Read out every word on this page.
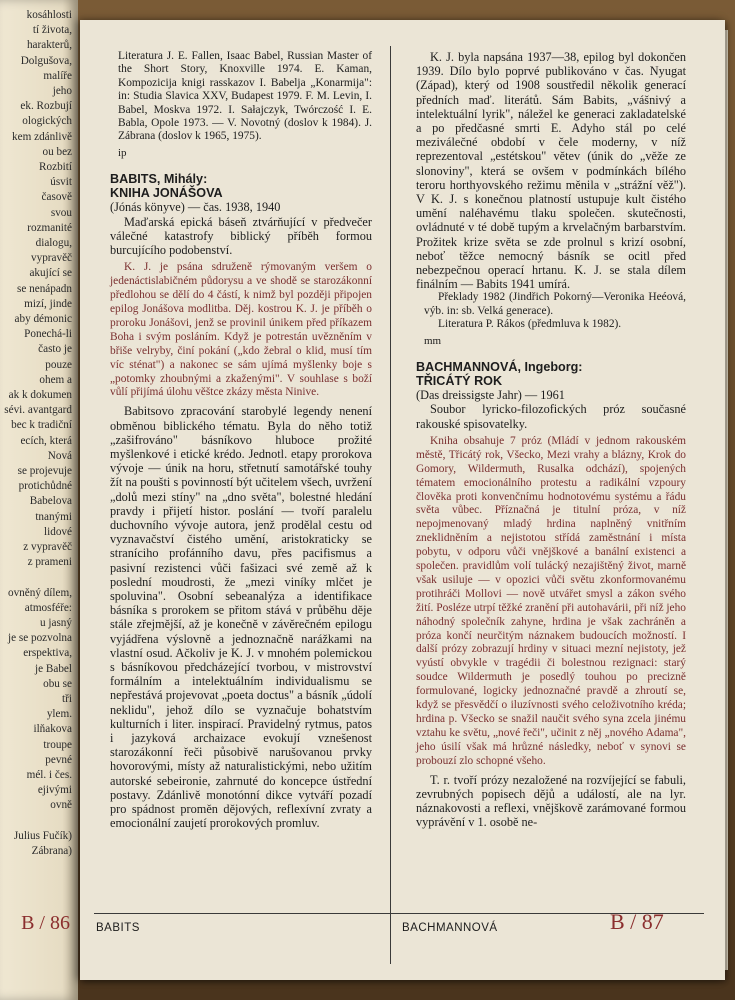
B / 86
kosáhlosti
tí života,
harakterů,
Dolgušova,
malíře
jeho
ek. Rozbují
ologických
kem zdánlivě
ou bez
Rozbití
úsvit
časově
svou
rozmanité
dialogu,
vypravěč
akující se
se nenápadn
mizí, jinde
aby démonic
Ponechá-li
často je
pouze
ohem a
ak k dokumen
sévi. avantgard
bec k tradiční
ecích, která
Nová
se projevuje
protichůdné
Babelova
tnanými
lidové
z vypravěč
z prameni
ovněný dílem,
atmosféře:
u jasný
je se pozvolna
erspektiva,
je Babel
obu se
tři
ylem.
ilňakova
troupe
pevné
mél. i čes.
ejivými
ovně
Julius Fučík)
Zábrana)

Literatura J. E. Fallen, Isaac Babel, Russian Master of the Short Story, Knoxville 1974. E. Kaman, Kompozicija knigi rasskazov I. Babelja „Konarmija": in: Studia Slavica XXV, Budapest 1979. F. M. Levin, I. Babel, Moskva 1972. I. Sałajczyk, Twórczość I. E. Babla, Opole 1973. — V. Novotný (doslov k 1984). J. Zábrana (doslov k 1965, 1975).

ip

BABITS, Mihály:

KNIHA JONÁŠOVA

(Jónás könyve) — čas. 1938, 1940

Maďarská epická báseň ztvárňující v předvečer válečné katastrofy biblický příběh formou burcujícího podobenství.

K. J. je psána sdruženě rýmovaným veršem o jedenáctislabičném půdorysu a ve shodě se starozákonní předlohou se dělí do 4 částí, k nimž byl později připojen epilog Jonášova modlitba. Děj. kostrou K. J. je příběh o proroku Jonášovi, jenž se provinil únikem před příkazem Boha i svým posláním. Když je potrestán uvězněním v břiše velryby, činí pokání („kdo žebral o klid, musí tím víc sténat") a nakonec se sám ujímá myšlenky boje s „potomky zhoubnými a zkaženými". V souhlase s boží vůlí přijímá úlohu věštce zkázy města Ninive.

Babitsovo zpracování starobylé legendy nenení obměnou biblického tématu. Byla do něho totiž „zašifrováno" básníkovo hluboce prožité myšlenkové i etické krédo. Jednotl. etapy prorokova vývoje — únik na horu, střetnutí samotářské touhy žít na poušti s povinností být učitelem všech, uvržení „dolů mezi stíny" na „dno světa", bolestné hledání pravdy i přijetí histor. poslání — tvoří paralelu duchovního vývoje autora, jenž prodělal cestu od vyznavačství čistého umění, aristokraticky se straníciho profánního davu, přes pacifismus a pasivní rezistenci vůči fašizaci své země až k poslední moudrosti, že „mezi viníky mlčet je spoluvina". Osobní sebeanalýza a identifikace básníka s prorokem se přitom stává v průběhu děje stále zřejmější, až je konečně v závěrečném epilogu vyjádřena výslovně a jednoznačně narážkami na vlastní osud. Ačkoliv je K. J. v mnohém polemickou s básníkovou předcházející tvorbou, v mistrovství formálním a intelektuálním individualismu se nepřestává projevovat „poeta doctus" a básník „údolí neklidu", jehož dílo se vyznačuje bohatstvím kulturních i liter. inspirací. Pravidelný rytmus, patos i jazyková archaizace evokují vznešenost starozákonní řeči působivě narušovanou prvky hovorovými, místy až naturalistickými, nebo užitím autorské sebeironie, zahrnuté do koncepce ústřední postavy. Zdánlivě monotónní dikce vytváří pozadí pro spádnost proměn dějových, reflexívní zvraty a emocionální zaujetí prorokových promluv.

K. J. byla napsána 1937—38, epilog byl dokončen 1939. Dílo bylo poprvé publikováno v čas. Nyugat (Západ), který od 1908 soustředil několik generací předních maď. literátů. Sám Babits, „vášnivý a intelektuální lyrik", náležel ke generaci zakladatelské a po předčasné smrti E. Adyho stál po celé meziválečné období v čele moderny, v níž reprezentoval „estétskou" větev (únik do „věže ze slonoviny", která se ovšem v podmínkách bílého teroru horthyovského režimu měnila v „strážní věž"). V K. J. s konečnou platností ustupuje kult čistého umění naléhavému tlaku společen. skutečnosti, ovládnuté v té době tupým a krvelačným barbarstvím. Prožitek krize světa se zde prolnul s krizí osobní, neboť těžce nemocný básník se ocitl před nebezpečnou operací hrtanu. K. J. se stala dílem finálním — Babits 1941 umírá.

Překlady 1982 (Jindřich Pokorný—Veronika Heéová, výb. in: sb. Velká generace).

Literatura P. Rákos (předmluva k 1982).

mm

BACHMANNOVÁ, Ingeborg:

TŘICÁTÝ ROK

(Das dreissigste Jahr) — 1961

Soubor lyricko-filozofických próz současné rakouské spisovatelky.

Kniha obsahuje 7 próz (Mládí v jednom rakouském městě, Třicátý rok, Všecko, Mezi vrahy a blázny, Krok do Gomory, Wildermuth, Rusalka odchází), spojených tématem emocionálního protestu a radikální vzpoury člověka proti konvenčnímu hodnotovému systému a řádu světa vůbec. Příznačná je titulní próza, v níž nepojmenovaný mladý hrdina naplněný vnitřním zneklidněním a nejistotou střídá zaměstnání i místa pobytu, v odporu vůči vnějškové a banální existenci a společen. pravidlům volí tulácký nezajištěný život, marně však usiluje — v opozici vůči světu zkonformovanému protihráči Mollovi — nově utvářet smysl a zákon svého žití. Posléze utrpí těžké zranění při autohavárii, při níž jeho náhodný společník zahyne, hrdina je však zachráněn a próza končí neurčitým náznakem budoucích možností. I další prózy zobrazují hrdiny v situaci mezní nejistoty, jež vyústí obvykle v tragédii či bolestnou rezignaci: starý soudce Wildermuth je posedlý touhou po precizně formulované, logicky jednoznačné pravdě a zhroutí se, když se přesvědčí o iluzívnosti svého celoživotního kréda; hrdina p. Všecko se snažil naučit svého syna zcela jinému vztahu ke světu, „nové řeči", učinit z něj „nového Adama", jeho úsilí však má hrůzné následky, neboť v synovi se probouzí zlo schopné všeho.

T. r. tvoří prózy nezaložené na rozvíjející se fabuli, zevrubných popisech dějů a událostí, ale na lyr. náznakovosti a reflexi, vnějškově zarámované formou vyprávění v 1. osobě ne-

BABITS	BACHMANNOVÁ	B / 87
